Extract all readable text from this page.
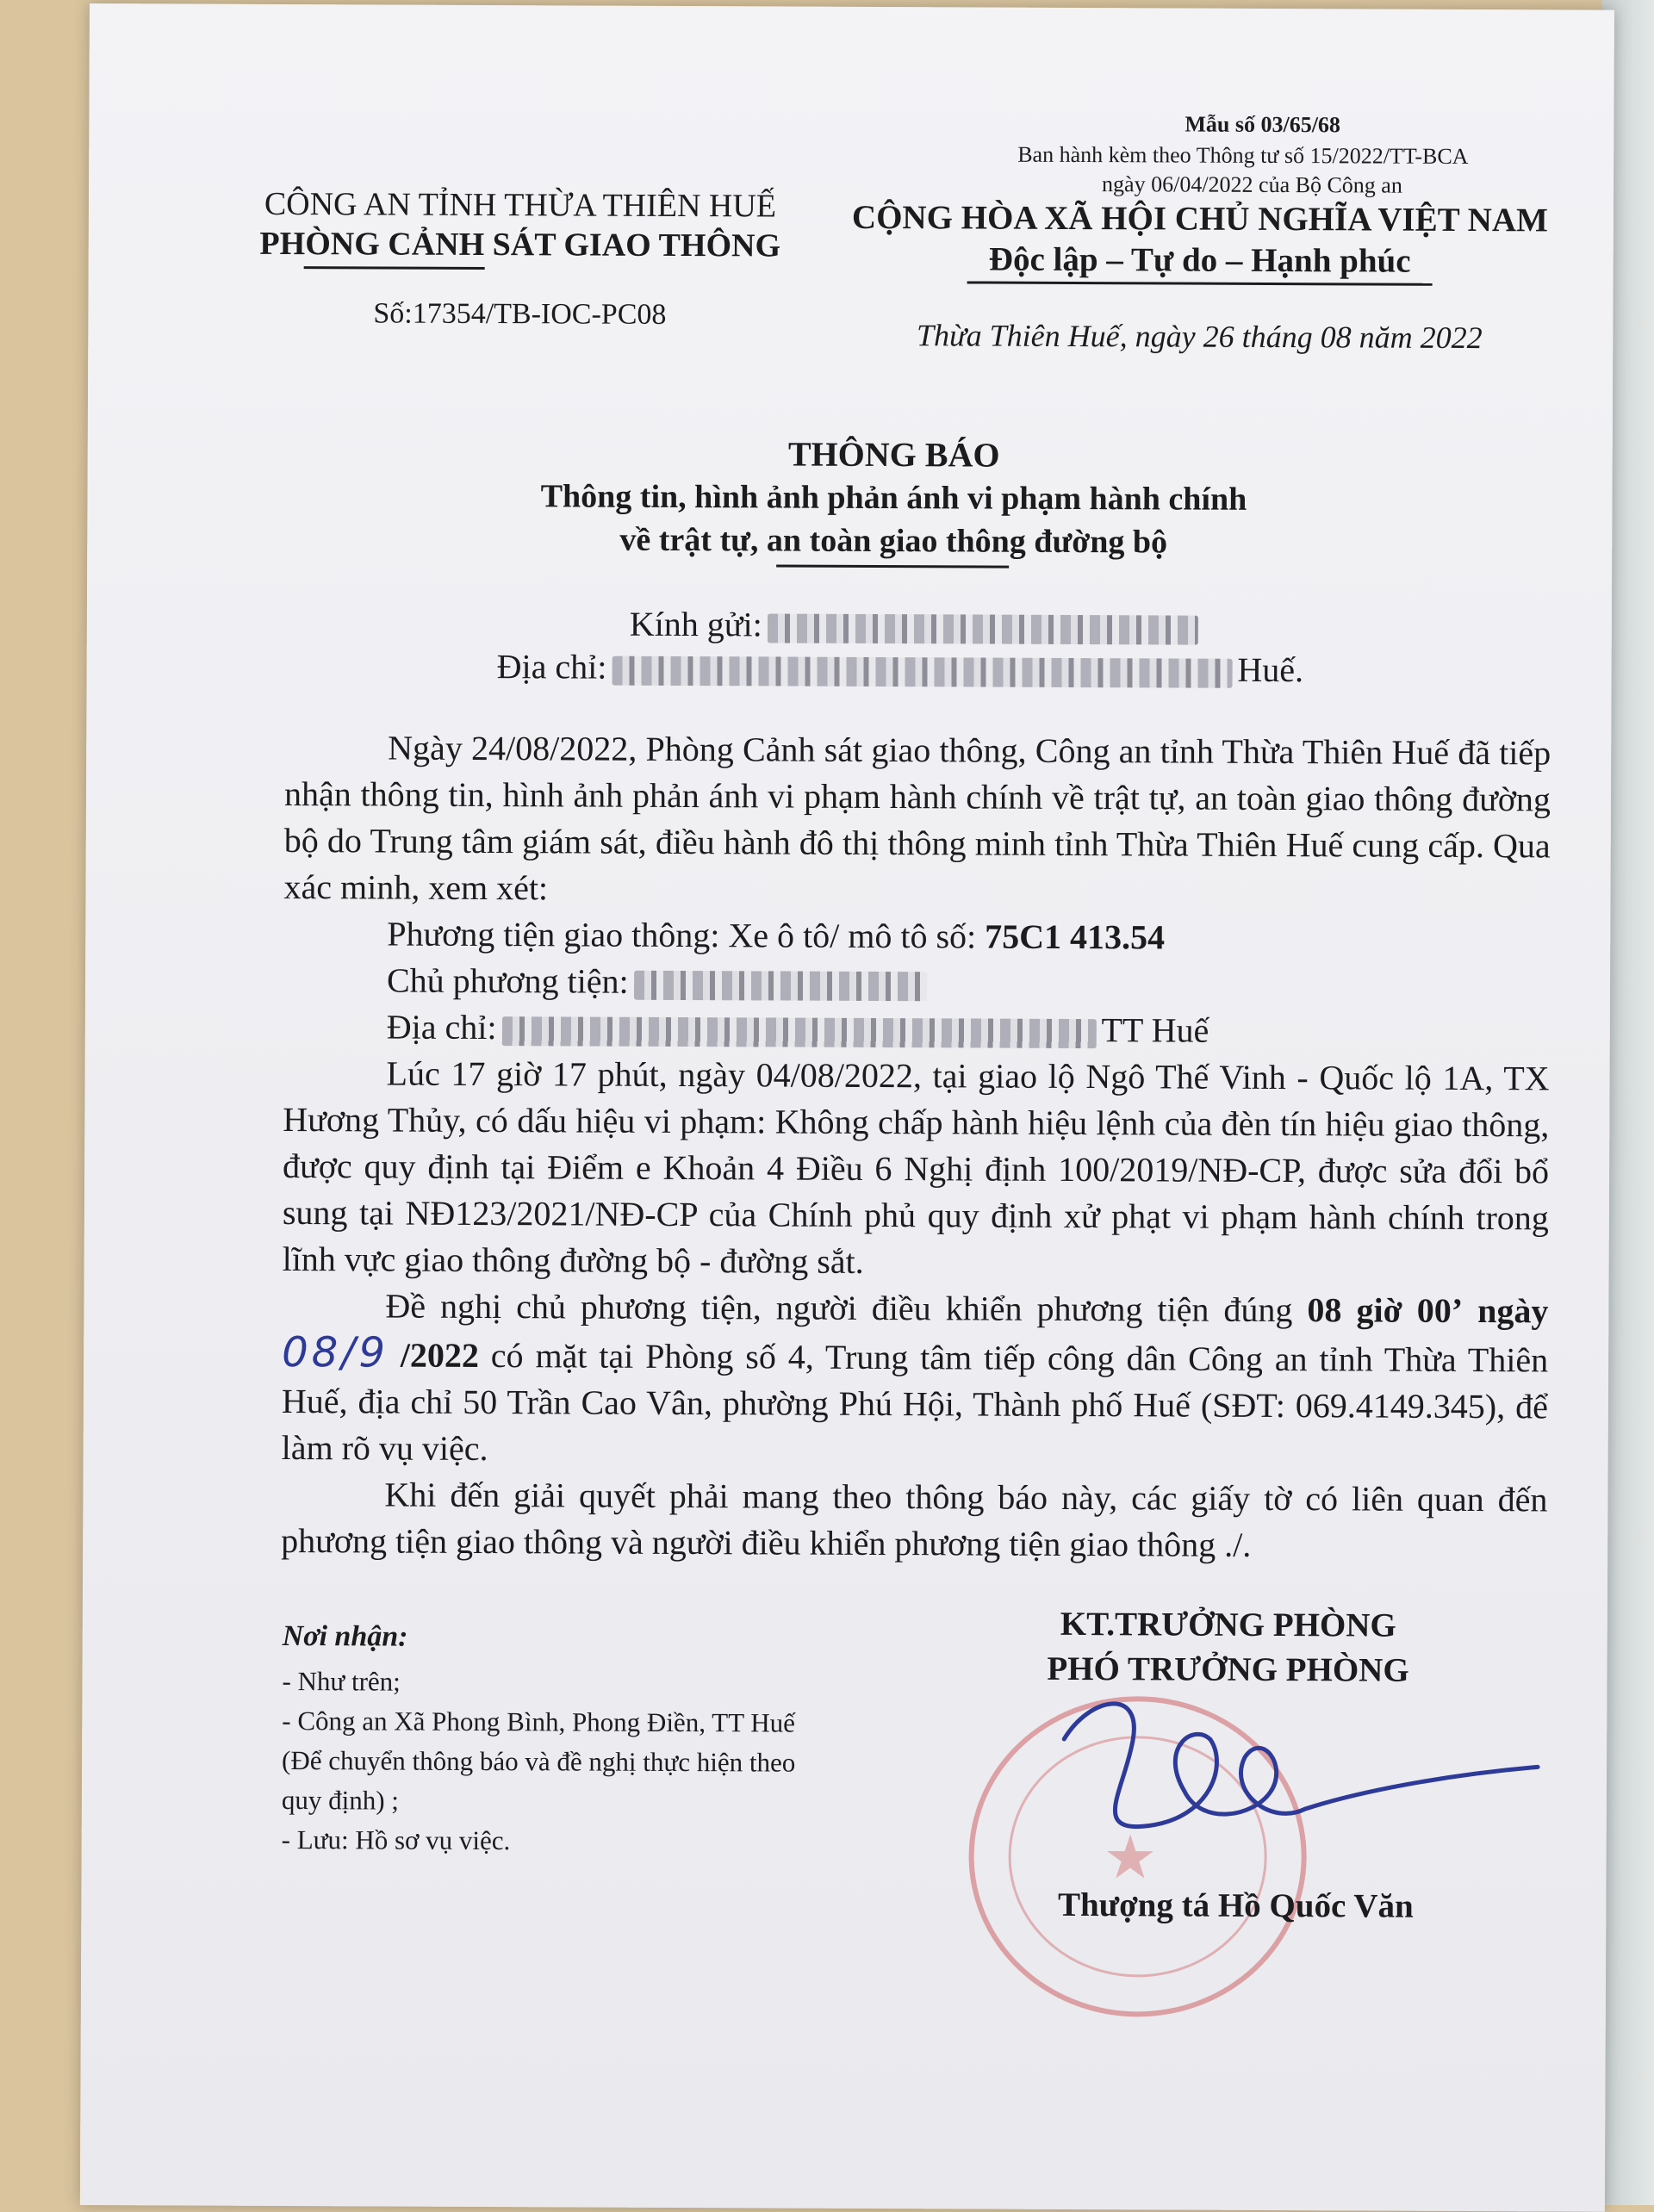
Mẫu số 03/65/68
Ban hành kèm theo Thông tư số 15/2022/TT-BCA
ngày 06/04/2022 của Bộ Công an
CÔNG AN TỈNH THỪA THIÊN HUẾ
PHÒNG CẢNH SÁT GIAO THÔNG
Số:17354/TB-IOC-PC08
CỘNG HÒA XÃ HỘI CHỦ NGHĨA VIỆT NAM
Độc lập – Tự do – Hạnh phúc
Thừa Thiên Huế, ngày 26 tháng 08 năm 2022
THÔNG BÁO
Thông tin, hình ảnh phản ánh vi phạm hành chính
về trật tự, an toàn giao thông đường bộ
Kính gửi:
Địa chỉ:	Huế.

Ngày 24/08/2022, Phòng Cảnh sát giao thông, Công an tỉnh Thừa Thiên Huế đã tiếp nhận thông tin, hình ảnh phản ánh vi phạm hành chính về trật tự, an toàn giao thông đường bộ do Trung tâm giám sát, điều hành đô thị thông minh tỉnh Thừa Thiên Huế cung cấp. Qua xác minh, xem xét:

Phương tiện giao thông: Xe ô tô/ mô tô số: 75C1 413.54
Chủ phương tiện:
Địa chỉ:	TT Huế

Lúc 17 giờ 17 phút, ngày 04/08/2022, tại giao lộ Ngô Thế Vinh - Quốc lộ 1A, TX Hương Thủy, có dấu hiệu vi phạm: Không chấp hành hiệu lệnh của đèn tín hiệu giao thông, được quy định tại Điểm e Khoản 4 Điều 6 Nghị định 100/2019/NĐ-CP, được sửa đổi bổ sung tại NĐ123/2021/NĐ-CP của Chính phủ quy định xử phạt vi phạm hành chính trong lĩnh vực giao thông đường bộ - đường sắt.

Đề nghị chủ phương tiện, người điều khiển phương tiện đúng 08 giờ 00’ ngày 08/9 /2022 có mặt tại Phòng số 4, Trung tâm tiếp công dân Công an tỉnh Thừa Thiên Huế, địa chỉ 50 Trần Cao Vân, phường Phú Hội, Thành phố Huế (SĐT: 069.4149.345), để làm rõ vụ việc.

Khi đến giải quyết phải mang theo thông báo này, các giấy tờ có liên quan đến phương tiện giao thông và người điều khiển phương tiện giao thông ./.

Nơi nhận:
- Như trên;
- Công an Xã Phong Bình, Phong Điền, TT Huế
(Để chuyển thông báo và đề nghị thực hiện theo
quy định) ;
- Lưu: Hồ sơ vụ việc.	★
KT.TRƯỞNG PHÒNG
PHÓ TRƯỞNG PHÒNG
Thượng tá Hồ Quốc Văn
